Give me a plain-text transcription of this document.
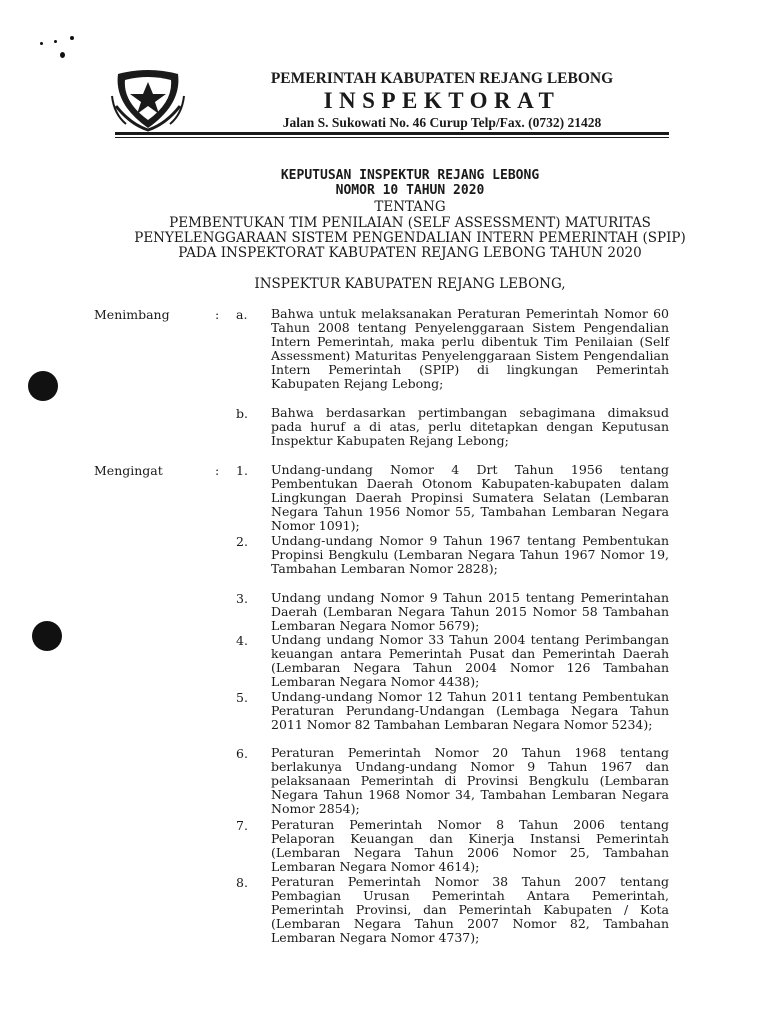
PEMERINTAH KABUPATEN REJANG LEBONG
INSPEKTORAT
Jalan S. Sukowati No. 46 Curup Telp/Fax. (0732) 21428
KEPUTUSAN INSPEKTUR REJANG LEBONG
NOMOR 10 TAHUN 2020
TENTANG
PEMBENTUKAN TIM PENILAIAN (SELF ASSESSMENT) MATURITAS
PENYELENGGARAAN SISTEM PENGENDALIAN INTERN PEMERINTAH (SPIP)
PADA INSPEKTORAT KABUPATEN REJANG LEBONG TAHUN 2020
INSPEKTUR KABUPATEN REJANG LEBONG,
Menimbang	: a. Bahwa untuk melaksanakan Peraturan Pemerintah Nomor 60 Tahun 2008 tentang Penyelenggaraan Sistem Pengendalian Intern Pemerintah, maka perlu dibentuk Tim Penilaian (Self Assessment) Maturitas Penyelenggaraan Sistem Pengendalian Intern Pemerintah (SPIP) di lingkungan Pemerintah Kabupaten Rejang Lebong;

b. Bahwa berdasarkan pertimbangan sebagimana dimaksud pada huruf a di atas, perlu ditetapkan dengan Keputusan Inspektur Kabupaten Rejang Lebong;

Mengingat	: 1. Undang-undang Nomor 4 Drt Tahun 1956 tentang Pembentukan Daerah Otonom Kabupaten-kabupaten dalam Lingkungan Daerah Propinsi Sumatera Selatan (Lembaran Negara Tahun 1956 Nomor 55, Tambahan Lembaran Negara Nomor 1091);

2. Undang-undang Nomor 9 Tahun 1967 tentang Pembentukan Propinsi Bengkulu (Lembaran Negara Tahun 1967 Nomor 19, Tambahan Lembaran Nomor 2828);

3. Undang undang Nomor 9 Tahun 2015 tentang Pemerintahan Daerah (Lembaran Negara Tahun 2015 Nomor 58 Tambahan Lembaran Negara Nomor 5679);

4. Undang undang Nomor 33 Tahun 2004 tentang Perimbangan keuangan antara Pemerintah Pusat dan Pemerintah Daerah (Lembaran Negara Tahun 2004 Nomor 126 Tambahan Lembaran Negara Nomor 4438);

5. Undang-undang Nomor 12 Tahun 2011 tentang Pembentukan Peraturan Perundang-Undangan (Lembaga Negara Tahun 2011 Nomor 82 Tambahan Lembaran Negara Nomor 5234);

6. Peraturan Pemerintah Nomor 20 Tahun 1968 tentang berlakunya Undang-undang Nomor 9 Tahun 1967 dan pelaksanaan Pemerintah di Provinsi Bengkulu (Lembaran Negara Tahun 1968 Nomor 34, Tambahan Lembaran Negara Nomor 2854);

7. Peraturan Pemerintah Nomor 8 Tahun 2006 tentang Pelaporan Keuangan dan Kinerja Instansi Pemerintah (Lembaran Negara Tahun 2006 Nomor 25, Tambahan Lembaran Negara Nomor 4614);

8. Peraturan Pemerintah Nomor 38 Tahun 2007 tentang Pembagian Urusan Pemerintah Antara Pemerintah, Pemerintah Provinsi, dan Pemerintah Kabupaten / Kota (Lembaran Negara Tahun 2007 Nomor 82, Tambahan Lembaran Negara Nomor 4737);
